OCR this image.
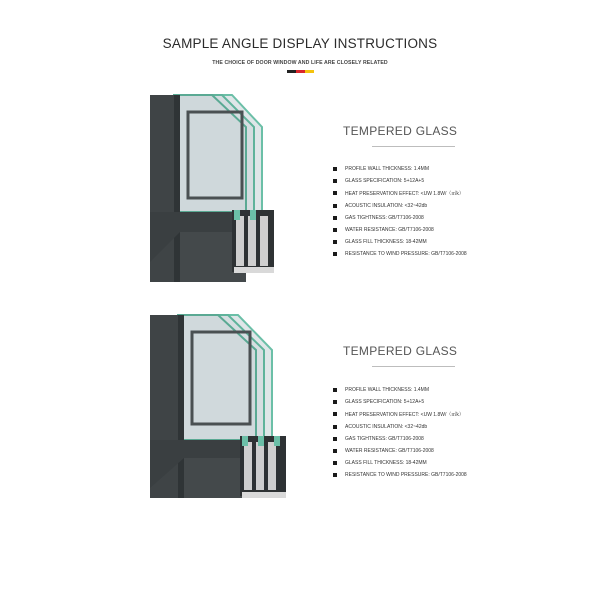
SAMPLE ANGLE DISPLAY INSTRUCTIONS
THE CHOICE OF DOOR WINDOW AND LIFE ARE CLOSELY RELATED
TEMPERED GLASS
PROFILE WALL THICKNESS: 1.4MM
GLASS SPECIFICATION: 5+12A+5
HEAT PRESERVATION EFFECT: <UW 1.8W/（㎡k）
ACOUSTIC INSULATION: <32~42db
GAS TIGHTNESS: GB/T7106-2008
WATER RESISTANCE: GB/T7106-2008
GLASS FILL THICKNESS: 18-42MM
RESISTANCE TO WIND PRESSURE: GB/T7106-2008
TEMPERED GLASS
PROFILE WALL THICKNESS: 1.4MM
GLASS SPECIFICATION: 5+12A+5
HEAT PRESERVATION EFFECT: <UW 1.8W/（㎡k）
ACOUSTIC INSULATION: <32~42db
GAS TIGHTNESS: GB/T7106-2008
WATER RESISTANCE: GB/T7106-2008
GLASS FILL THICKNESS: 18-42MM
RESISTANCE TO WIND PRESSURE: GB/T7106-2008
